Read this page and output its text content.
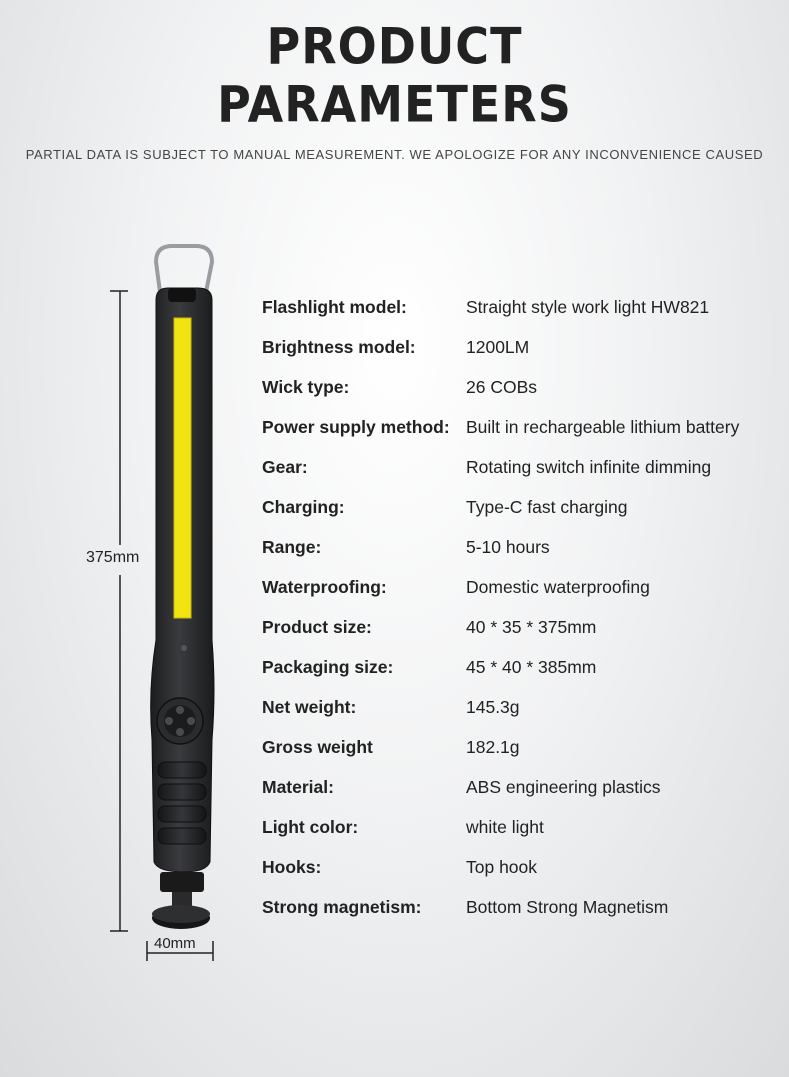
PRODUCT
PARAMETERS
PARTIAL DATA IS SUBJECT TO MANUAL MEASUREMENT. WE APOLOGIZE FOR ANY INCONVENIENCE CAUSED
375mm
40mm
Flashlight model:	Straight style work light HW821
Brightness model:	1200LM
Wick type:	26 COBs
Power supply method: Built in rechargeable lithium battery
Gear:	Rotating switch infinite dimming
Charging:	Type-C fast charging
Range:	5-10 hours
Waterproofing:	Domestic waterproofing
Product size:	40 * 35 * 375mm
Packaging size:	45 * 40 * 385mm
Net weight:	145.3g
Gross weight	182.1g
Material:	ABS engineering plastics
Light color:	white light
Hooks:	Top hook
Strong magnetism:	Bottom Strong Magnetism
